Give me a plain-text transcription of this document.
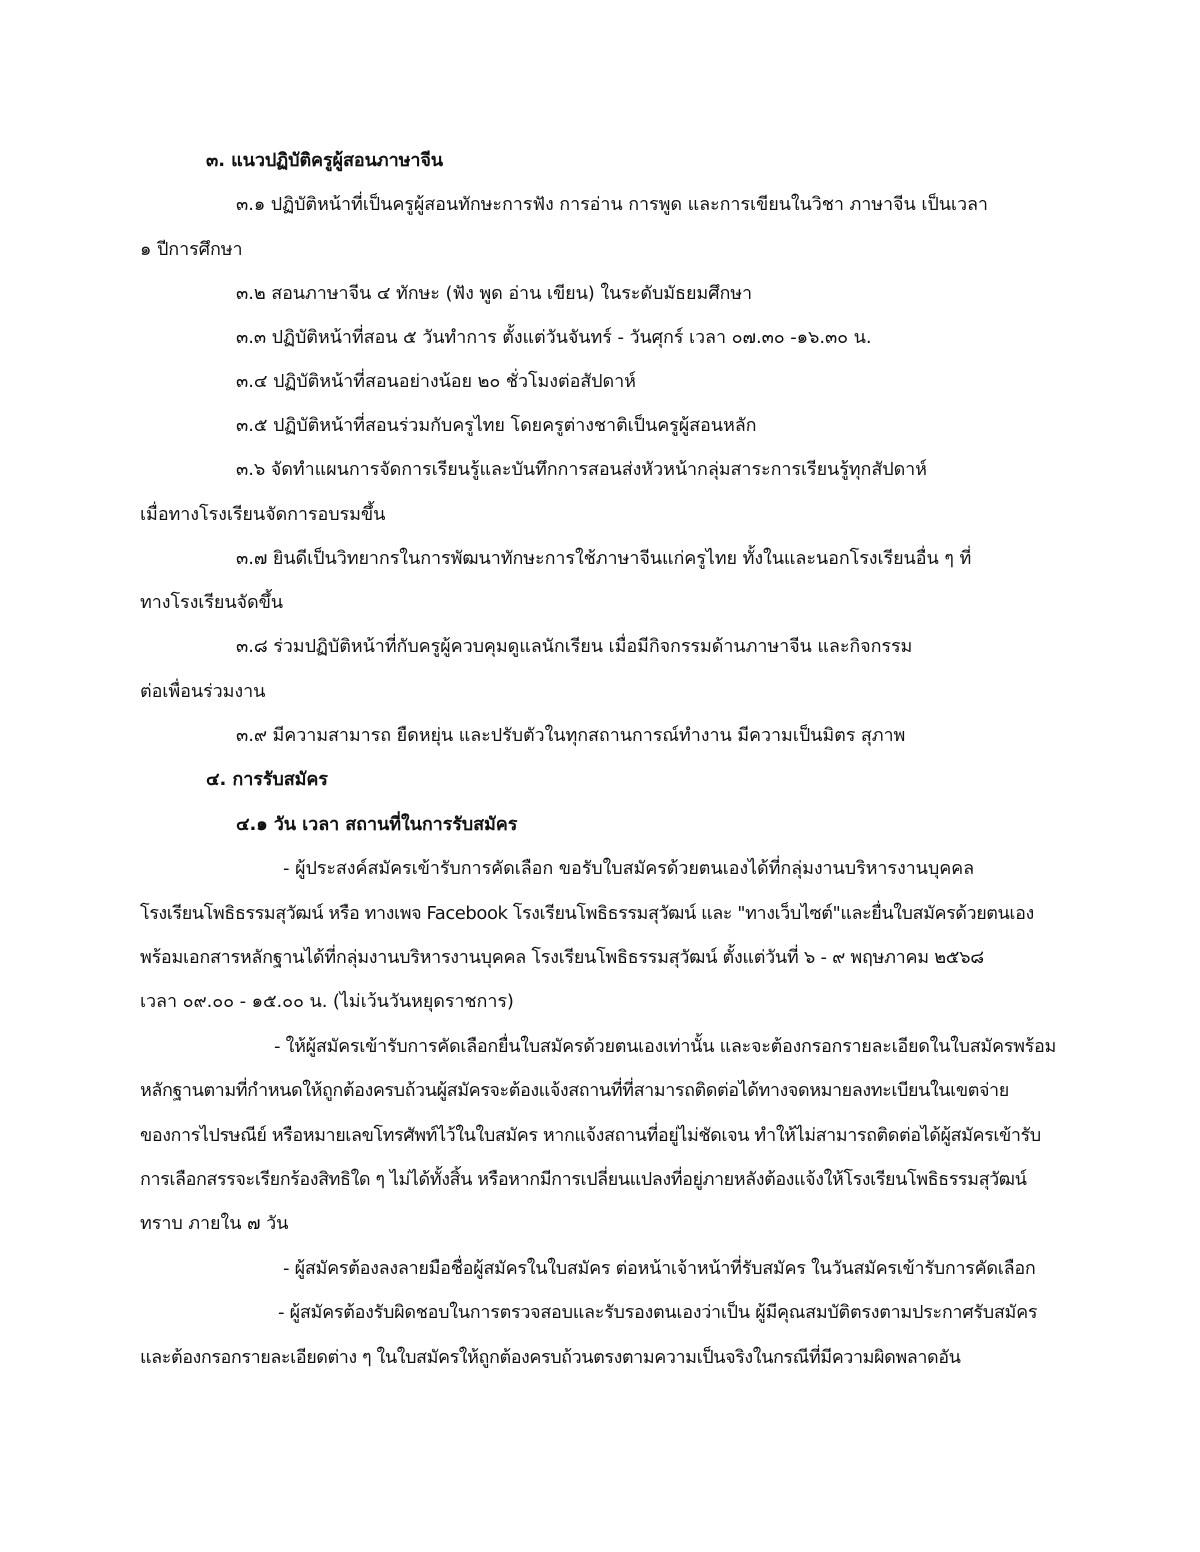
๓. แนวปฏิบัติครูผู้สอนภาษาจีน
๓.๑ ปฏิบัติหน้าที่เป็นครูผู้สอนทักษะการฟัง การอ่าน การพูด และการเขียนในวิชา ภาษาจีน เป็นเวลา
๑ ปีการศึกษา
๓.๒ สอนภาษาจีน ๔ ทักษะ (ฟัง พูด อ่าน เขียน) ในระดับมัธยมศึกษา
๓.๓ ปฏิบัติหน้าที่สอน ๕ วันทำการ ตั้งแต่วันจันทร์ - วันศุกร์ เวลา ๐๗.๓๐ -๑๖.๓๐ น.
๓.๔ ปฏิบัติหน้าที่สอนอย่างน้อย ๒๐ ชั่วโมงต่อสัปดาห์
๓.๕ ปฏิบัติหน้าที่สอนร่วมกับครูไทย โดยครูต่างชาติเป็นครูผู้สอนหลัก
๓.๖ จัดทำแผนการจัดการเรียนรู้และบันทึกการสอนส่งหัวหน้ากลุ่มสาระการเรียนรู้ทุกสัปดาห์
เมื่อทางโรงเรียนจัดการอบรมขึ้น
๓.๗ ยินดีเป็นวิทยากรในการพัฒนาทักษะการใช้ภาษาจีนแก่ครูไทย ทั้งในและนอกโรงเรียนอื่น ๆ ที่
ทางโรงเรียนจัดขึ้น
๓.๘ ร่วมปฏิบัติหน้าที่กับครูผู้ควบคุมดูแลนักเรียน เมื่อมีกิจกรรมด้านภาษาจีน และกิจกรรม
ต่อเพื่อนร่วมงาน
๓.๙ มีความสามารถ ยืดหยุ่น และปรับตัวในทุกสถานการณ์ทำงาน มีความเป็นมิตร สุภาพ
๔. การรับสมัคร
๔.๑ วัน เวลา สถานที่ในการรับสมัคร
- ผู้ประสงค์สมัครเข้ารับการคัดเลือก ขอรับใบสมัครด้วยตนเองได้ที่กลุ่มงานบริหารงานบุคคล
โรงเรียนโพธิธรรมสุวัฒน์ หรือ ทางเพจ Facebook โรงเรียนโพธิธรรมสุวัฒน์ และ "ทางเว็บไซต์"และยื่นใบสมัครด้วยตนเอง
พร้อมเอกสารหลักฐานได้ที่กลุ่มงานบริหารงานบุคคล โรงเรียนโพธิธรรมสุวัฒน์ ตั้งแต่วันที่ ๖ - ๙ พฤษภาคม ๒๕๖๘
เวลา ๐๙.๐๐ - ๑๕.๐๐ น. (ไม่เว้นวันหยุดราชการ)
- ให้ผู้สมัครเข้ารับการคัดเลือกยื่นใบสมัครด้วยตนเองเท่านั้น และจะต้องกรอกรายละเอียดในใบสมัครพร้อม
หลักฐานตามที่กำหนดให้ถูกต้องครบถ้วนผู้สมัครจะต้องแจ้งสถานที่ที่สามารถติดต่อได้ทางจดหมายลงทะเบียนในเขตจ่าย
ของการไปรษณีย์ หรือหมายเลขโทรศัพท์ไว้ในใบสมัคร หากแจ้งสถานที่อยู่ไม่ชัดเจน ทำให้ไม่สามารถติดต่อได้ผู้สมัครเข้ารับ
การเลือกสรรจะเรียกร้องสิทธิใด ๆ ไม่ได้ทั้งสิ้น หรือหากมีการเปลี่ยนแปลงที่อยู่ภายหลังต้องแจ้งให้โรงเรียนโพธิธรรมสุวัฒน์
ทราบ ภายใน ๗ วัน
- ผู้สมัครต้องลงลายมือชื่อผู้สมัครในใบสมัคร ต่อหน้าเจ้าหน้าที่รับสมัคร ในวันสมัครเข้ารับการคัดเลือก
- ผู้สมัครต้องรับผิดชอบในการตรวจสอบและรับรองตนเองว่าเป็น ผู้มีคุณสมบัติตรงตามประกาศรับสมัคร
และต้องกรอกรายละเอียดต่าง ๆ ในใบสมัครให้ถูกต้องครบถ้วนตรงตามความเป็นจริงในกรณีที่มีความผิดพลาดอัน
